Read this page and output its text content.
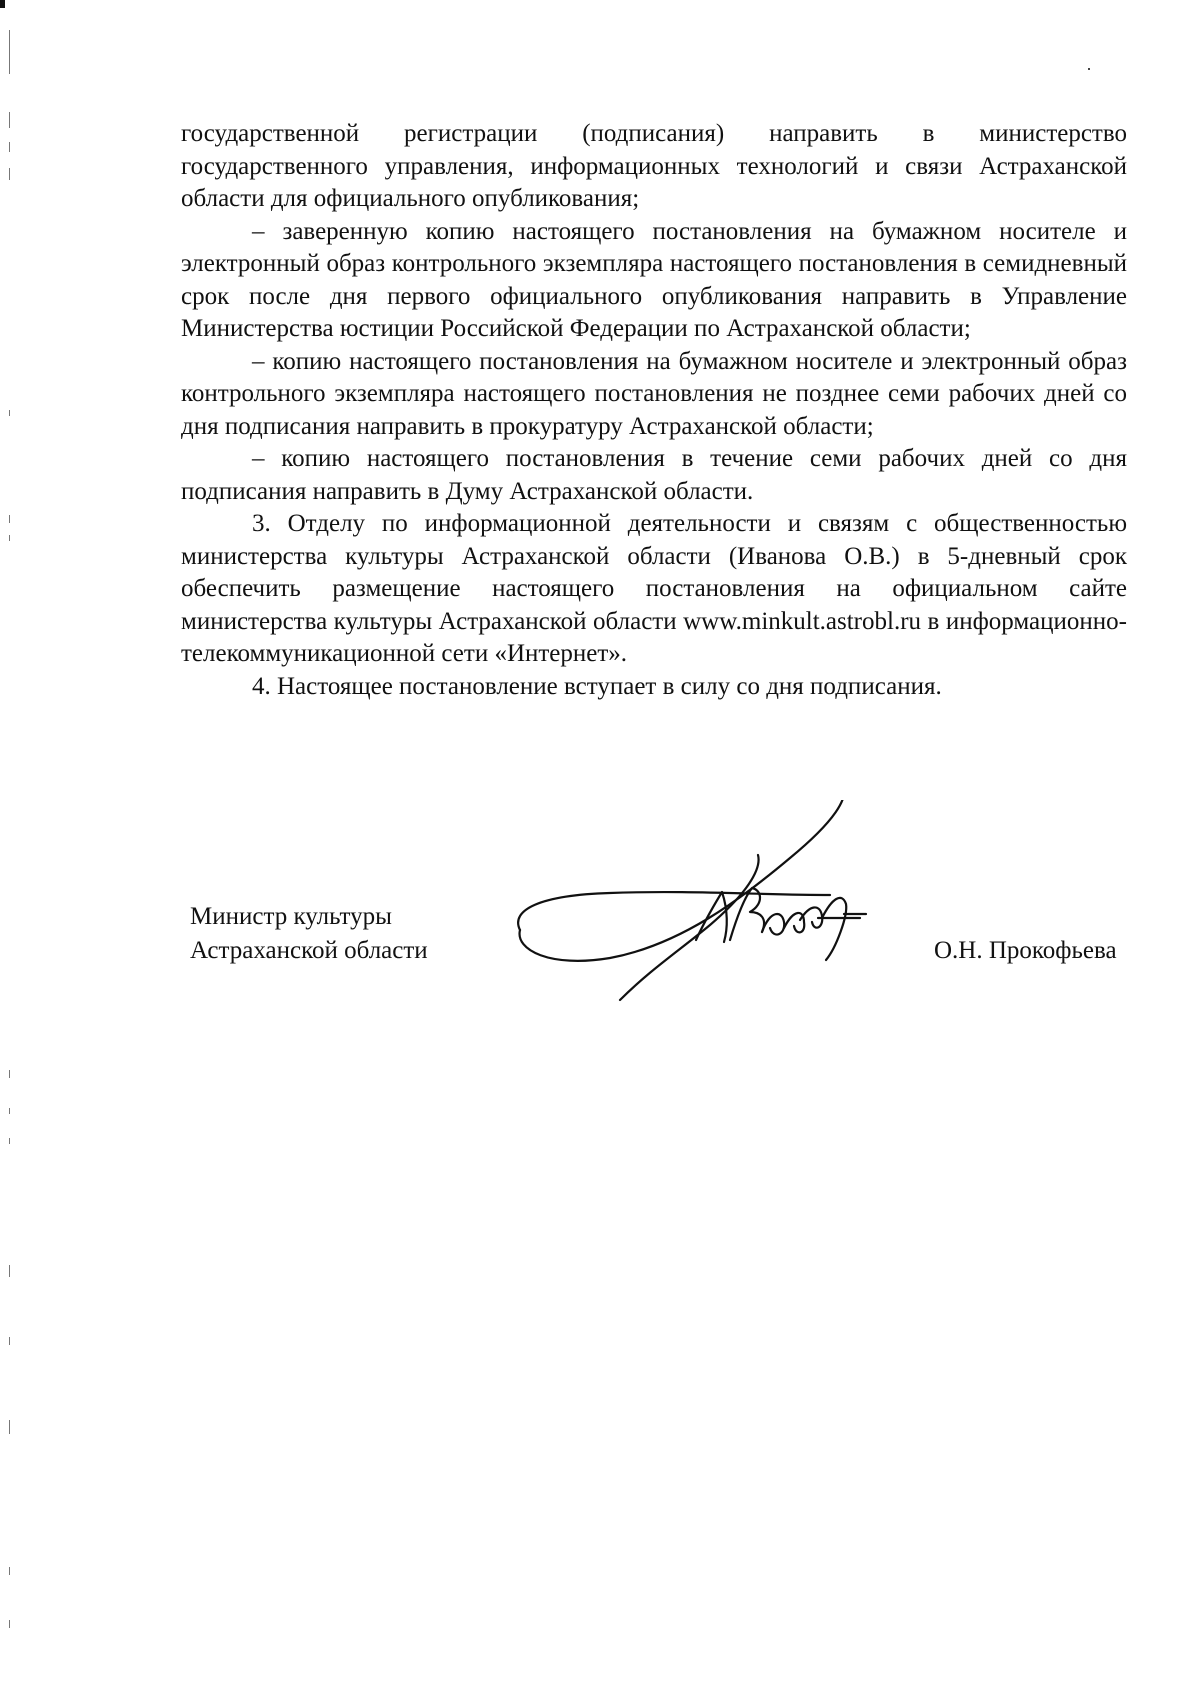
государственной регистрации (подписания) направить в министерство государственного управления, информационных технологий и связи Астраханской области для официального опубликования;

– заверенную копию настоящего постановления на бумажном носителе и электронный образ контрольного экземпляра настоящего постановления в семидневный срок после дня первого официального опубликования направить в Управление Министерства юстиции Российской Федерации по Астраханской области;

– копию настоящего постановления на бумажном носителе и электронный образ контрольного экземпляра настоящего постановления не позднее семи рабочих дней со дня подписания направить в прокуратуру Астраханской области;

– копию настоящего постановления в течение семи рабочих дней со дня подписания направить в Думу Астраханской области.

3. Отделу по информационной деятельности и связям с общественностью министерства культуры Астраханской области (Иванова О.В.) в 5-дневный срок обеспечить размещение настоящего постановления на официальном сайте министерства культуры Астраханской области www.minkult.astrobl.ru в информационно-телекоммуникационной сети «Интернет».

4. Настоящее постановление вступает в силу со дня подписания.

Министр культуры
Астраханской области	О.Н. Прокофьева
